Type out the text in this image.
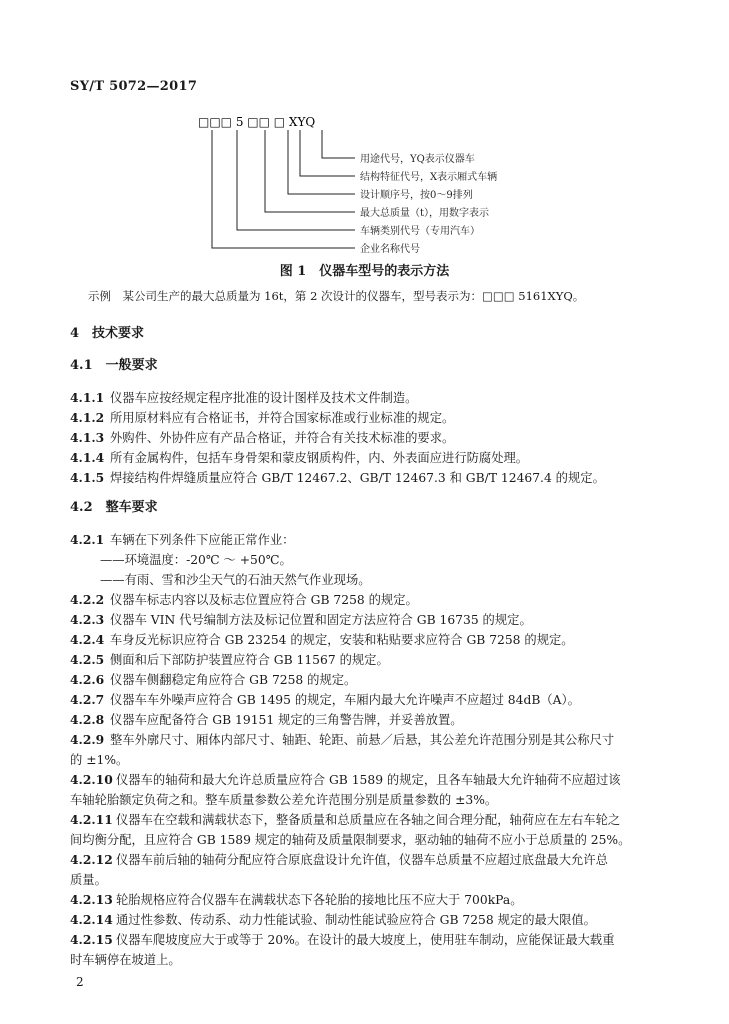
SY/T 5072—2017
□□□ 5 □□ □ XYQ
用途代号，YQ表示仪器车
结构特征代号，X表示厢式车辆
设计顺序号，按0～9排列
最大总质量（t），用数字表示
车辆类别代号（专用汽车）
企业名称代号
图 1　仪器车型号的表示方法
示例　某公司生产的最大总质量为 16t，第 2 次设计的仪器车，型号表示为：□□□ 5161XYQ。
4　技术要求
4.1　一般要求
4.1.1 仪器车应按经规定程序批准的设计图样及技术文件制造。
4.1.2 所用原材料应有合格证书，并符合国家标准或行业标准的规定。
4.1.3 外购件、外协件应有产品合格证，并符合有关技术标准的要求。
4.1.4 所有金属构件，包括车身骨架和蒙皮钢质构件，内、外表面应进行防腐处理。
4.1.5 焊接结构件焊缝质量应符合 GB/T 12467.2、GB/T 12467.3 和 GB/T 12467.4 的规定。
4.2　整车要求
4.2.1 车辆在下列条件下应能正常作业：
——环境温度：-20℃ ～ +50℃。
——有雨、雪和沙尘天气的石油天然气作业现场。
4.2.2 仪器车标志内容以及标志位置应符合 GB 7258 的规定。
4.2.3 仪器车 VIN 代号编制方法及标记位置和固定方法应符合 GB 16735 的规定。
4.2.4 车身反光标识应符合 GB 23254 的规定，安装和粘贴要求应符合 GB 7258 的规定。
4.2.5 侧面和后下部防护装置应符合 GB 11567 的规定。
4.2.6 仪器车侧翻稳定角应符合 GB 7258 的规定。
4.2.7 仪器车车外噪声应符合 GB 1495 的规定，车厢内最大允许噪声不应超过 84dB（A）。
4.2.8 仪器车应配备符合 GB 19151 规定的三角警告牌，并妥善放置。
4.2.9 整车外廓尺寸、厢体内部尺寸、轴距、轮距、前悬／后悬，其公差允许范围分别是其公称尺寸
的 ±1%。
4.2.10 仪器车的轴荷和最大允许总质量应符合 GB 1589 的规定，且各车轴最大允许轴荷不应超过该
车轴轮胎额定负荷之和。整车质量参数公差允许范围分别是质量参数的 ±3%。
4.2.11 仪器车在空载和满载状态下，整备质量和总质量应在各轴之间合理分配，轴荷应在左右车轮之
间均衡分配，且应符合 GB 1589 规定的轴荷及质量限制要求，驱动轴的轴荷不应小于总质量的 25%。
4.2.12 仪器车前后轴的轴荷分配应符合原底盘设计允许值，仪器车总质量不应超过底盘最大允许总
质量。
4.2.13 轮胎规格应符合仪器车在满载状态下各轮胎的接地比压不应大于 700kPa。
4.2.14 通过性参数、传动系、动力性能试验、制动性能试验应符合 GB 7258 规定的最大限值。
4.2.15 仪器车爬坡度应大于或等于 20%。在设计的最大坡度上，使用驻车制动，应能保证最大载重
时车辆停在坡道上。
2
